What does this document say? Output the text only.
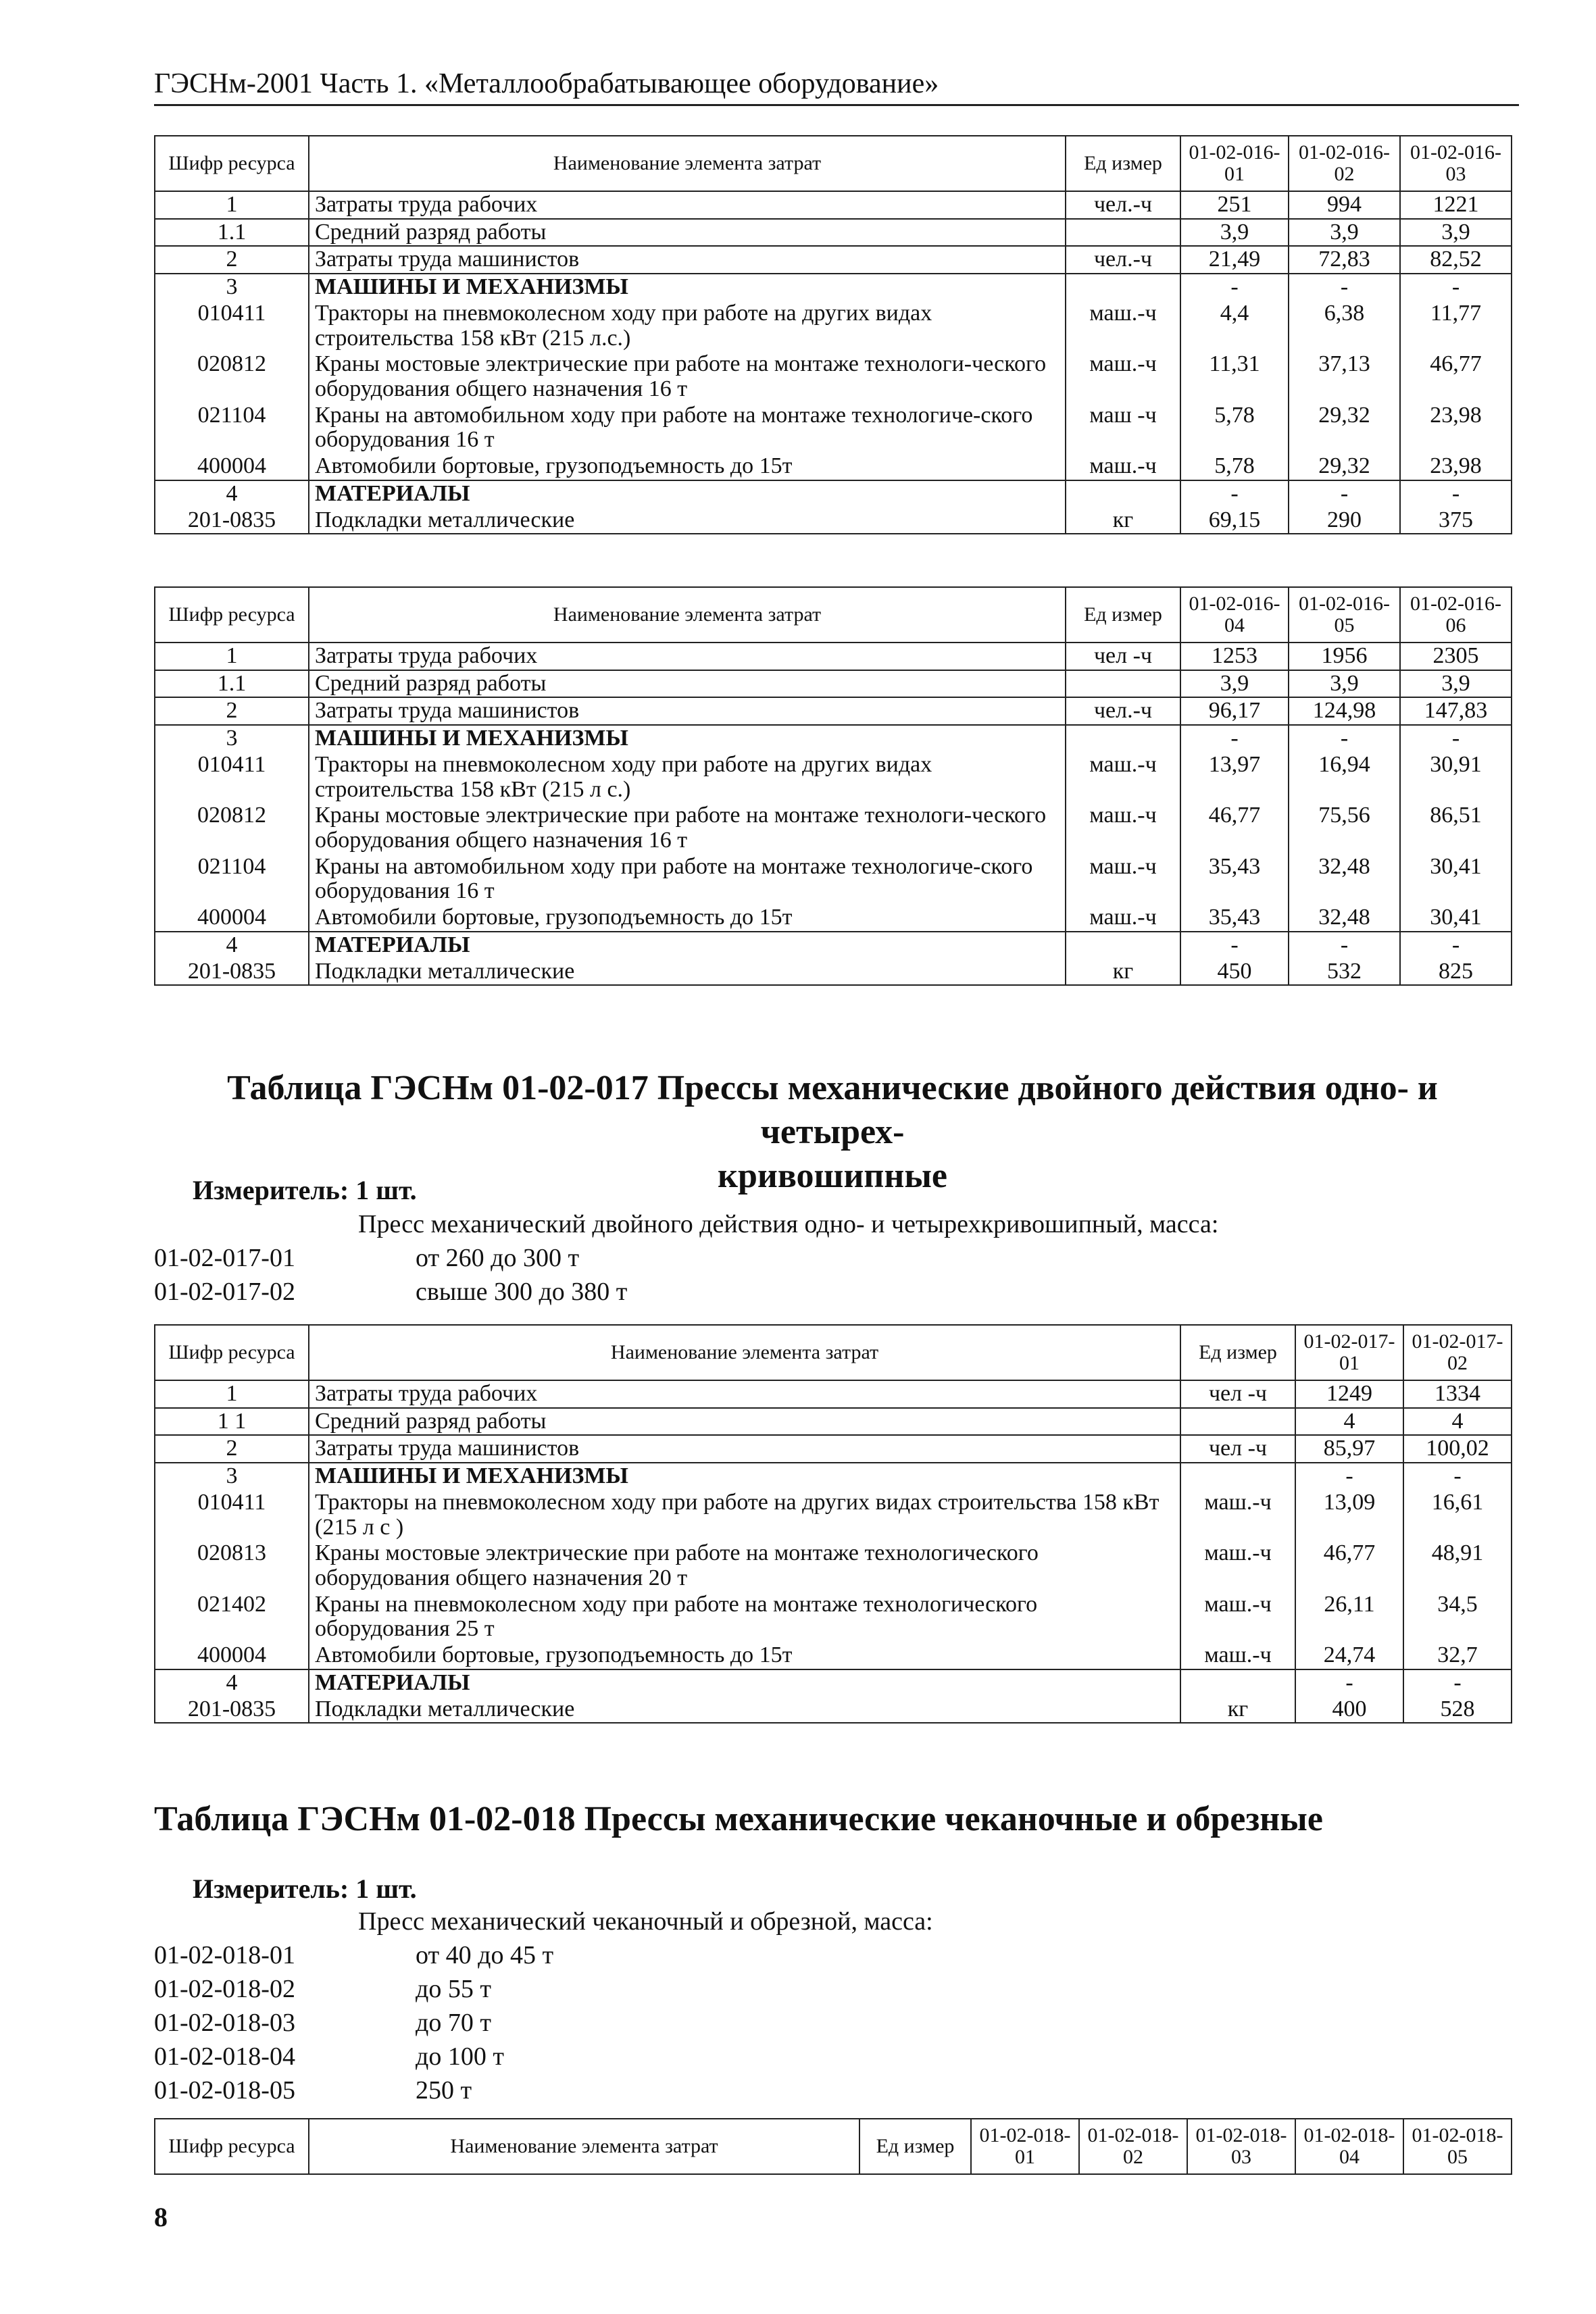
ГЭСНм-2001 Часть 1. «Металлообрабатывающее оборудование»
Шифр ресурса	Наименование элемента затрат	Ед измер	01-02-016-01	01-02-016-02	01-02-016-03
1	Затраты труда рабочих	чел.-ч	251	994	1221
1.1	Средний разряд работы		3,9	3,9	3,9
2	Затраты труда машинистов	чел.-ч	21,49	72,83	82,52
3	МАШИНЫ И МЕХАНИЗМЫ		-	-	-
010411	Тракторы на пневмоколесном ходу при работе на других видах строительства 158 кВт (215 л.с.)	маш.-ч	4,4	6,38	11,77
020812	Краны мостовые электрические при работе на монтаже технологи-ческого оборудования общего назначения 16 т	маш.-ч	11,31	37,13	46,77
021104	Краны на автомобильном ходу при работе на монтаже технологиче-ского оборудования 16 т	маш -ч	5,78	29,32	23,98
400004	Автомобили бортовые, грузоподъемность до 15т	маш.-ч	5,78	29,32	23,98
4	МАТЕРИАЛЫ		-	-	-
201-0835	Подкладки металлические	кг	69,15	290	375
Шифр ресурса	Наименование элемента затрат	Ед измер	01-02-016-04	01-02-016-05	01-02-016-06
1	Затраты труда рабочих	чел -ч	1253	1956	2305
1.1	Средний разряд работы		3,9	3,9	3,9
2	Затраты труда машинистов	чел.-ч	96,17	124,98	147,83
3	МАШИНЫ И МЕХАНИЗМЫ		-	-	-
010411	Тракторы на пневмоколесном ходу при работе на других видах строительства 158 кВт (215 л с.)	маш.-ч	13,97	16,94	30,91
020812	Краны мостовые электрические при работе на монтаже технологи-ческого оборудования общего назначения 16 т	маш.-ч	46,77	75,56	86,51
021104	Краны на автомобильном ходу при работе на монтаже технологиче-ского оборудования 16 т	маш.-ч	35,43	32,48	30,41
400004	Автомобили бортовые, грузоподъемность до 15т	маш.-ч	35,43	32,48	30,41
4	МАТЕРИАЛЫ		-	-	-
201-0835	Подкладки металлические	кг	450	532	825
Таблица ГЭСНм 01-02-017 Прессы механические двойного действия одно- и четырех-
кривошипные
Измеритель: 1 шт.
Пресс механический двойного действия одно- и четырехкривошипный, масса:
01-02-017-01	от 260 до 300 т
01-02-017-02	свыше 300 до 380 т
Шифр ресурса	Наименование элемента затрат	Ед измер	01-02-017-01	01-02-017-02
1	Затраты труда рабочих	чел -ч	1249	1334
1 1	Средний разряд работы		4	4
2	Затраты труда машинистов	чел -ч	85,97	100,02
3	МАШИНЫ И МЕХАНИЗМЫ		-	-
010411	Тракторы на пневмоколесном ходу при работе на других видах строительства 158 кВт (215 л с )	маш.-ч	13,09	16,61
020813	Краны мостовые электрические при работе на монтаже технологического оборудования общего назначения 20 т	маш.-ч	46,77	48,91
021402	Краны на пневмоколесном ходу при работе на монтаже технологического оборудования 25 т	маш.-ч	26,11	34,5
400004	Автомобили бортовые, грузоподъемность до 15т	маш.-ч	24,74	32,7
4	МАТЕРИАЛЫ		-	-
201-0835	Подкладки металлические	кг	400	528
Таблица ГЭСНм 01-02-018 Прессы механические чеканочные и обрезные
Измеритель: 1 шт.
Пресс механический чеканочный и обрезной, масса:
01-02-018-01	от 40 до 45 т
01-02-018-02	до 55 т
01-02-018-03	до 70 т
01-02-018-04	до 100 т
01-02-018-05	250 т
Шифр ресурса	Наименование элемента затрат	Ед измер	01-02-018-01	01-02-018-02	01-02-018-03	01-02-018-04	01-02-018-05
8
